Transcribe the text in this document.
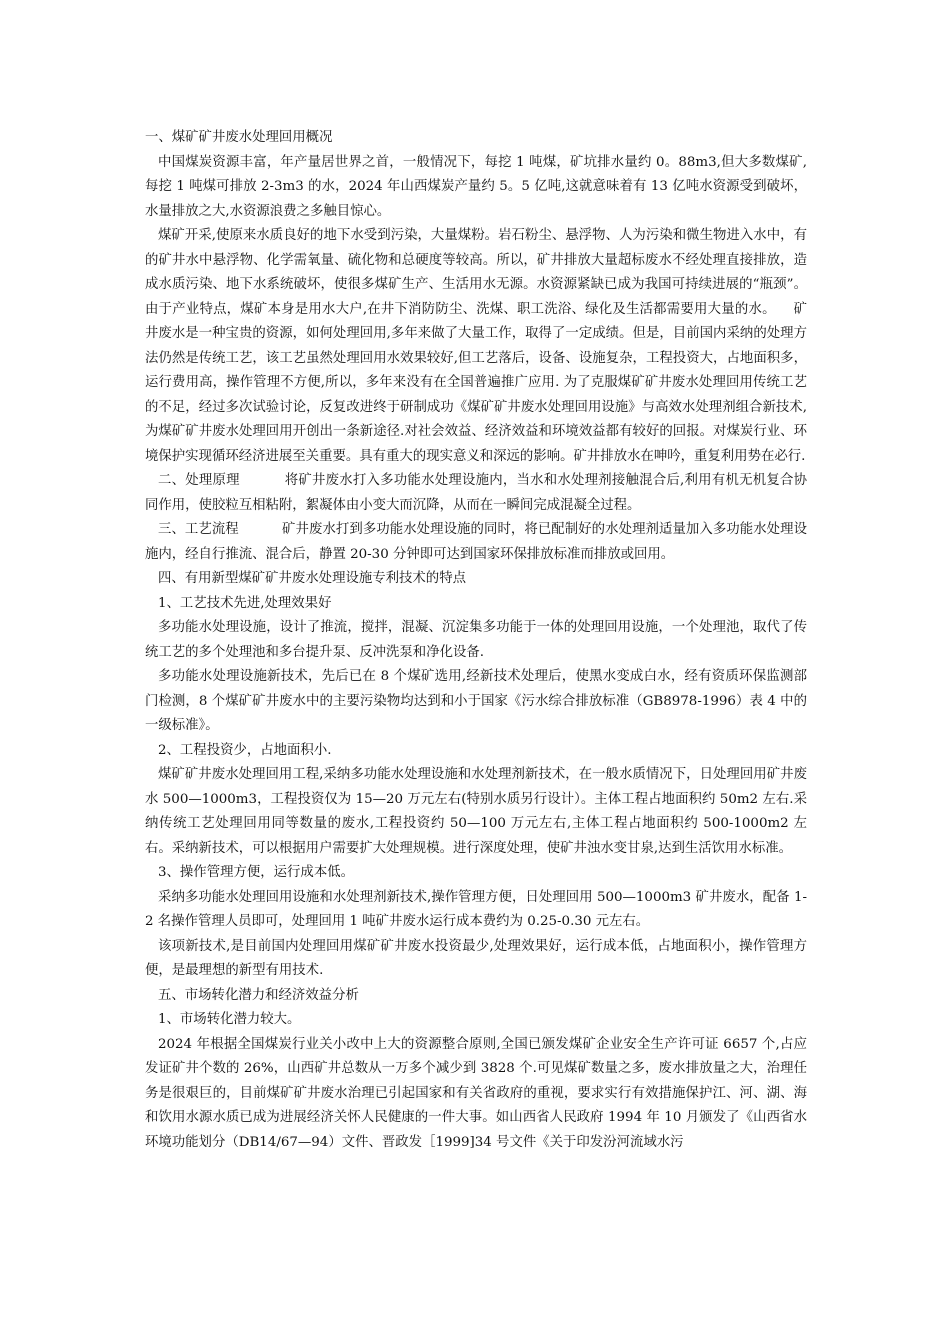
一、煤矿矿井废水处理回用概况

中国煤炭资源丰富，年产量居世界之首，一般情况下，每挖 1 吨煤，矿坑排水量约 0。88m3,但大多数煤矿,每挖 1 吨煤可排放 2-3m3 的水，2024 年山西煤炭产量约 5。5 亿吨,这就意味着有 13 亿吨水资源受到破坏，水量排放之大,水资源浪费之多触目惊心。

煤矿开采,使原来水质良好的地下水受到污染，大量煤粉。岩石粉尘、悬浮物、人为污染和微生物进入水中，有的矿井水中悬浮物、化学需氧量、硫化物和总硬度等较高。所以，矿井排放大量超标废水不经处理直接排放，造成水质污染、地下水系统破坏，使很多煤矿生产、生活用水无源。水资源紧缺已成为我国可持续进展的“瓶颈”。由于产业特点，煤矿本身是用水大户,在井下消防防尘、洗煤、职工洗浴、绿化及生活都需要用大量的水。    矿井废水是一种宝贵的资源，如何处理回用,多年来做了大量工作，取得了一定成绩。但是，目前国内采纳的处理方法仍然是传统工艺，该工艺虽然处理回用水效果较好,但工艺落后，设备、设施复杂，工程投资大，占地面积多，运行费用高，操作管理不方便,所以，多年来没有在全国普遍推广应用. 为了克服煤矿矿井废水处理回用传统工艺的不足，经过多次试验讨论，反复改进终于研制成功《煤矿矿井废水处理回用设施》与高效水处理剂组合新技术,为煤矿矿井废水处理回用开创出一条新途径.对社会效益、经济效益和环境效益都有较好的回报。对煤炭行业、环境保护实现循环经济进展至关重要。具有重大的现实意义和深远的影响。矿井排放水在呻吟，重复利用势在必行.

二、处理原理          将矿井废水打入多功能水处理设施内，当水和水处理剂接触混合后,利用有机无机复合协同作用，使胶粒互相粘附，絮凝体由小变大而沉降，从而在一瞬间完成混凝全过程。

三、工艺流程          矿井废水打到多功能水处理设施的同时，将已配制好的水处理剂适量加入多功能水处理设施内，经自行推流、混合后，静置 20-30 分钟即可达到国家环保排放标准而排放或回用。

四、有用新型煤矿矿井废水处理设施专利技术的特点

1、工艺技术先进,处理效果好

多功能水处理设施，设计了推流，搅拌，混凝、沉淀集多功能于一体的处理回用设施，一个处理池，取代了传统工艺的多个处理池和多台提升泵、反冲洗泵和净化设备.

多功能水处理设施新技术，先后已在 8 个煤矿选用,经新技术处理后，使黑水变成白水，经有资质环保监测部门检测，8 个煤矿矿井废水中的主要污染物均达到和小于国家《污水综合排放标准（GB8978-1996）表 4 中的一级标准》。

2、工程投资少，占地面积小.

煤矿矿井废水处理回用工程,采纳多功能水处理设施和水处理剂新技术，在一般水质情况下，日处理回用矿井废水 500—1000m3，工程投资仅为 15—20 万元左右(特别水质另行设计）。主体工程占地面积约 50m2 左右.采纳传统工艺处理回用同等数量的废水,工程投资约 50—100 万元左右,主体工程占地面积约 500-1000m2 左右。采纳新技术，可以根据用户需要扩大处理规模。进行深度处理，使矿井浊水变甘泉,达到生活饮用水标准。

3、操作管理方便，运行成本低。

采纳多功能水处理回用设施和水处理剂新技术,操作管理方便，日处理回用 500—1000m3 矿井废水，配备 1-2 名操作管理人员即可，处理回用 1 吨矿井废水运行成本费约为 0.25-0.30 元左右。

该项新技术,是目前国内处理回用煤矿矿井废水投资最少,处理效果好，运行成本低，占地面积小，操作管理方便，是最理想的新型有用技术.

五、市场转化潜力和经济效益分析

1、市场转化潜力较大。

2024 年根据全国煤炭行业关小改中上大的资源整合原则,全国已颁发煤矿企业安全生产许可证 6657 个,占应发证矿井个数的 26%，山西矿井总数从一万多个减少到 3828 个.可见煤矿数量之多，废水排放量之大，治理任务是很艰巨的，目前煤矿矿井废水治理已引起国家和有关省政府的重视，要求实行有效措施保护江、河、湖、海和饮用水源水质已成为进展经济关怀人民健康的一件大事。如山西省人民政府 1994 年 10 月颁发了《山西省水环境功能划分（DB14/67—94）文件、晋政发［1999]34 号文件《关于印发汾河流域水污
